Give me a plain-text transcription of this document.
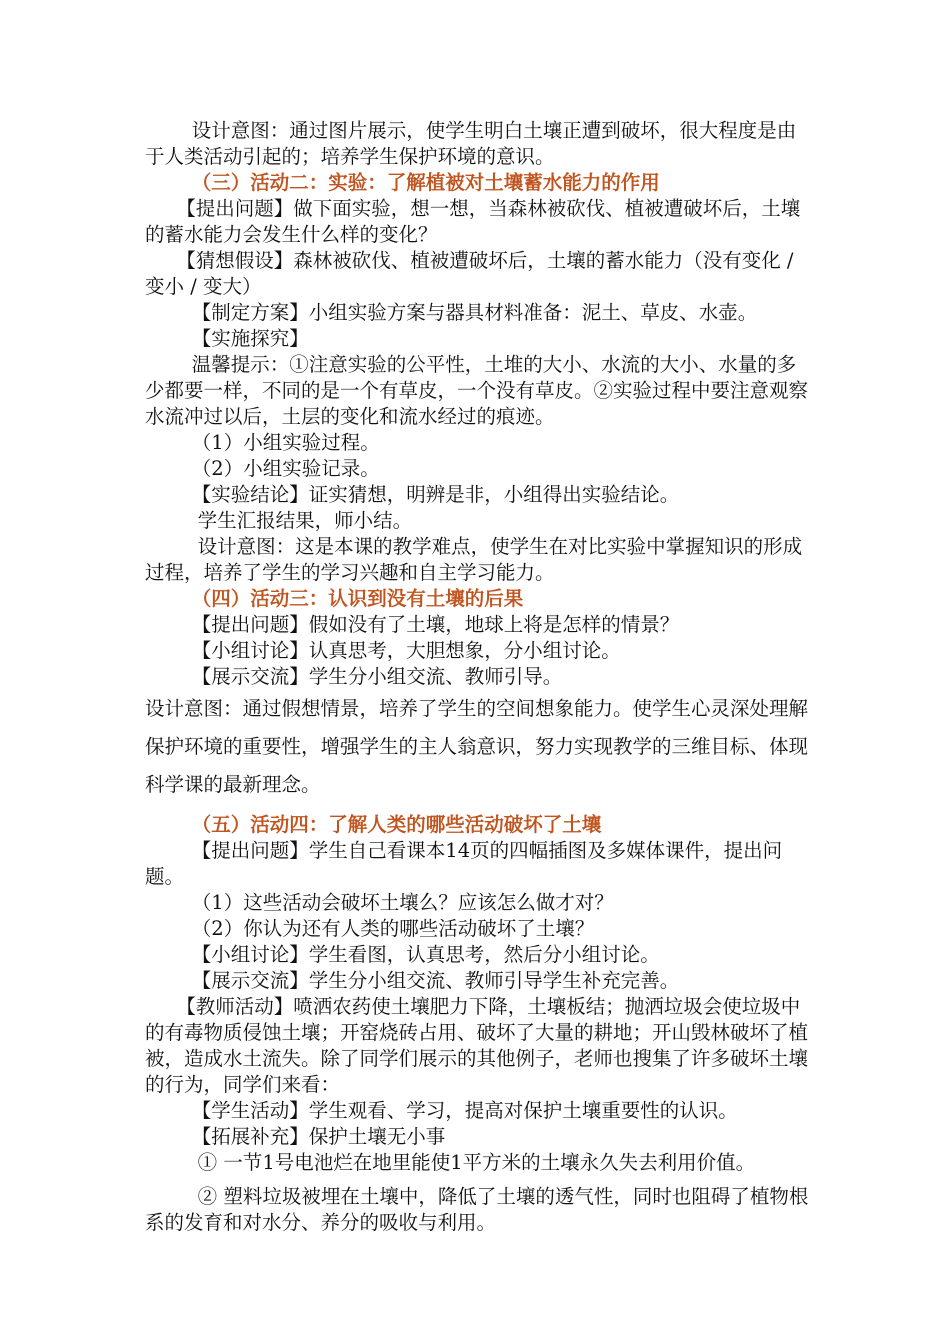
设计意图：通过图片展示，使学生明白土壤正遭到破坏，很大程度是由于人类活动引起的；培养学生保护环境的意识。

（三）活动二：实验：了解植被对土壤蓄水能力的作用

【提出问题】做下面实验，想一想，当森林被砍伐、植被遭破坏后，土壤的蓄水能力会发生什么样的变化？

【猜想假设】森林被砍伐、植被遭破坏后，土壤的蓄水能力（没有变化 / 变小 / 变大）

【制定方案】小组实验方案与器具材料准备：泥土、草皮、水壶。

【实施探究】

温馨提示：①注意实验的公平性，土堆的大小、水流的大小、水量的多少都要一样，不同的是一个有草皮，一个没有草皮。②实验过程中要注意观察水流冲过以后，土层的变化和流水经过的痕迹。

（1）小组实验过程。

（2）小组实验记录。

【实验结论】证实猜想，明辨是非，小组得出实验结论。

学生汇报结果，师小结。

设计意图：这是本课的教学难点，使学生在对比实验中掌握知识的形成过程，培养了学生的学习兴趣和自主学习能力。

（四）活动三：认识到没有土壤的后果

【提出问题】假如没有了土壤，地球上将是怎样的情景？

【小组讨论】认真思考，大胆想象，分小组讨论。

【展示交流】学生分小组交流、教师引导。

设计意图：通过假想情景，培养了学生的空间想象能力。使学生心灵深处理解保护环境的重要性，增强学生的主人翁意识，努力实现教学的三维目标、体现科学课的最新理念。

（五）活动四：了解人类的哪些活动破坏了土壤

【提出问题】学生自己看课本14页的四幅插图及多媒体课件，提出问题。

（1）这些活动会破坏土壤么？应该怎么做才对？

（2）你认为还有人类的哪些活动破坏了土壤？

【小组讨论】学生看图，认真思考，然后分小组讨论。

【展示交流】学生分小组交流、教师引导学生补充完善。

【教师活动】喷洒农药使土壤肥力下降，土壤板结；抛洒垃圾会使垃圾中的有毒物质侵蚀土壤；开窑烧砖占用、破坏了大量的耕地；开山毁林破坏了植被，造成水土流失。除了同学们展示的其他例子，老师也搜集了许多破坏土壤的行为，同学们来看：

【学生活动】学生观看、学习，提高对保护土壤重要性的认识。

【拓展补充】保护土壤无小事

① 一节1号电池烂在地里能使1平方米的土壤永久失去利用价值。

② 塑料垃圾被埋在土壤中，降低了土壤的透气性，同时也阻碍了植物根系的发育和对水分、养分的吸收与利用。
